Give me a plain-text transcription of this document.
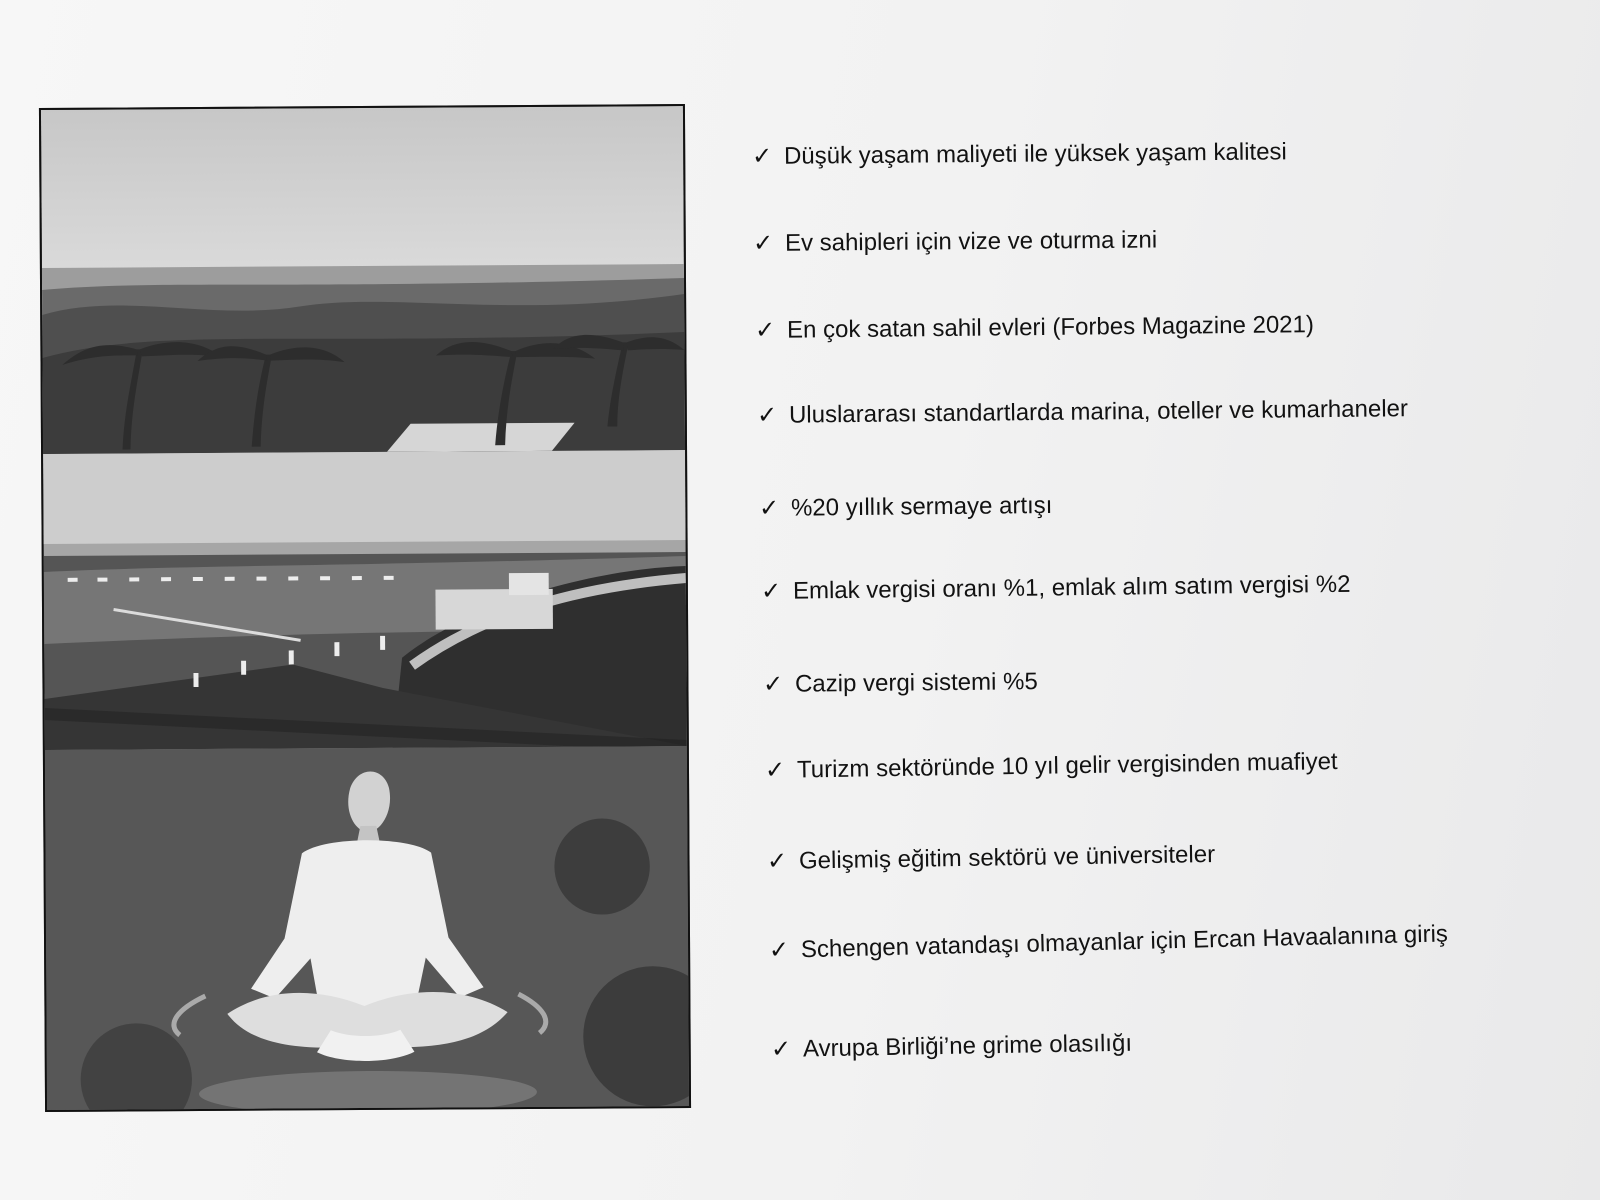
✓ Düşük yaşam maliyeti ile yüksek yaşam kalitesi
✓ Ev sahipleri için vize ve oturma izni
✓ En çok satan sahil evleri (Forbes Magazine 2021)
✓ Uluslararası standartlarda marina, oteller ve kumarhaneler
✓ %20 yıllık sermaye artışı
✓ Emlak vergisi oranı %1, emlak alım satım vergisi %2
✓ Cazip vergi sistemi %5
✓ Turizm sektöründe 10 yıl gelir vergisinden muafiyet
✓ Gelişmiş eğitim sektörü ve üniversiteler
✓ Schengen vatandaşı olmayanlar için Ercan Havaalanına giriş
✓ Avrupa Birliği’ne grime olasılığı
